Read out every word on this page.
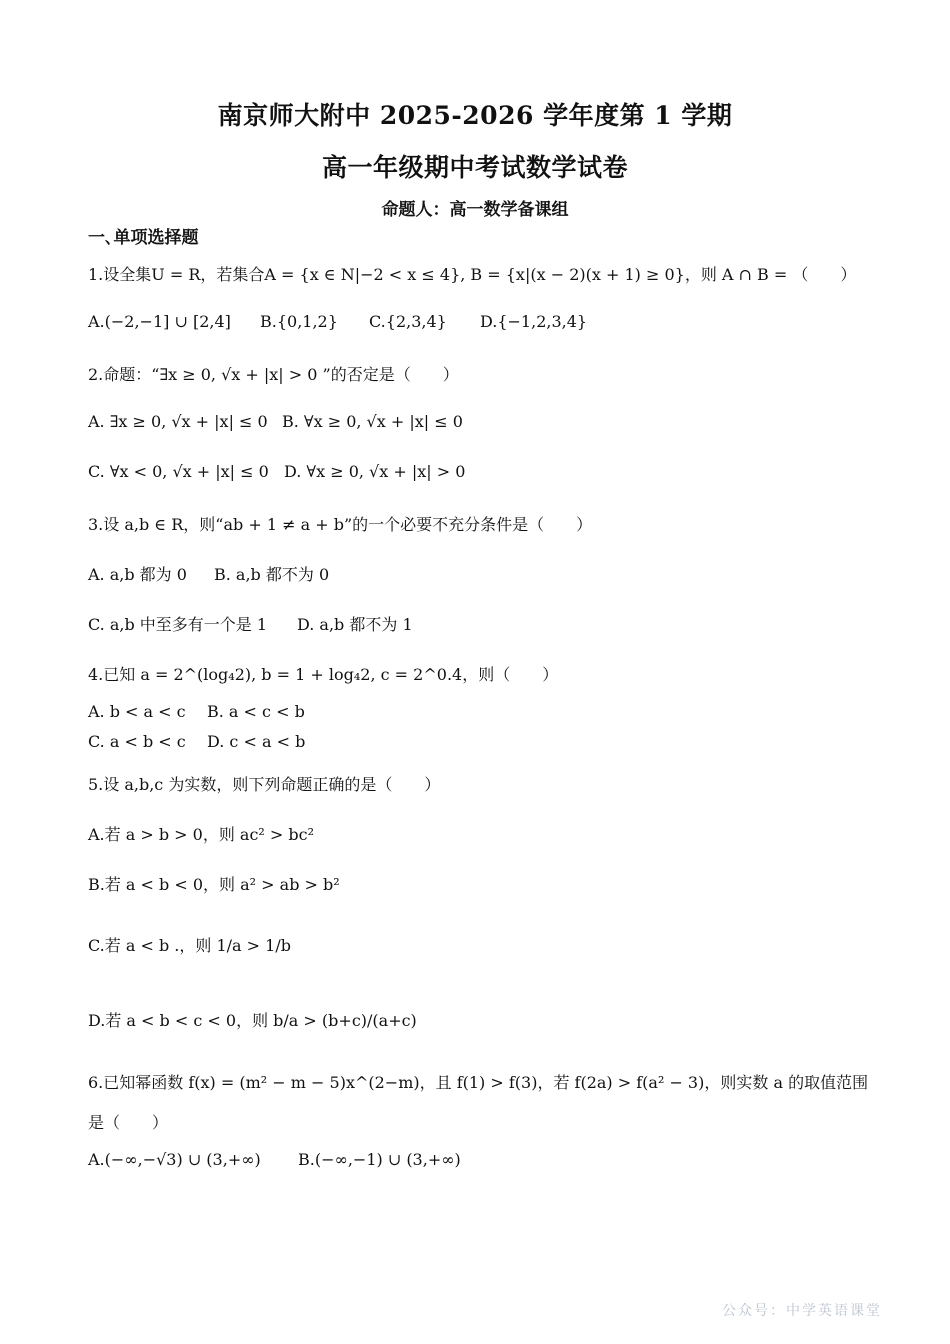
南京师大附中 2025-2026 学年度第 1 学期
高一年级期中考试数学试卷
命题人：高一数学备课组
一､单项选择题
1.设全集U = R，若集合A = {x ∈ N|−2 < x ≤ 4}, B = {x|(x − 2)(x + 1) ≥ 0}，则 A ∩ B = （　　）
A.(−2,−1] ∪ [2,4] B.{0,1,2} C.{2,3,4} D.{−1,2,3,4}
2.命题：“∃x ≥ 0, √x + |x| > 0 ”的否定是（　　）
A. ∃x ≥ 0, √x + |x| ≤ 0 B. ∀x ≥ 0, √x + |x| ≤ 0
C. ∀x < 0, √x + |x| ≤ 0 D. ∀x ≥ 0, √x + |x| > 0
3.设 a,b ∈ R，则“ab + 1 ≠ a + b”的一个必要不充分条件是（　　）
A. a,b 都为 0 B. a,b 都不为 0
C. a,b 中至多有一个是 1 D. a,b 都不为 1
4.已知 a = 2^(log₄2), b = 1 + log₄2, c = 2^0.4，则（　　）
A. b < a < c B. a < c < b
C. a < b < c D. c < a < b
5.设 a,b,c 为实数，则下列命题正确的是（　　）
A.若 a > b > 0，则 ac² > bc²
B.若 a < b < 0，则 a² > ab > b²
C.若 a < b .，则 1/a > 1/b
D.若 a < b < c < 0，则 b/a > (b+c)/(a+c)
6.已知幂函数 f(x) = (m² − m − 5)x^(2−m)，且 f(1) > f(3)，若 f(2a) > f(a² − 3)，则实数 a 的取值范围
是（　　）
A.(−∞,−√3) ∪ (3,+∞) B.(−∞,−1) ∪ (3,+∞)
公众号：中学英语课堂
